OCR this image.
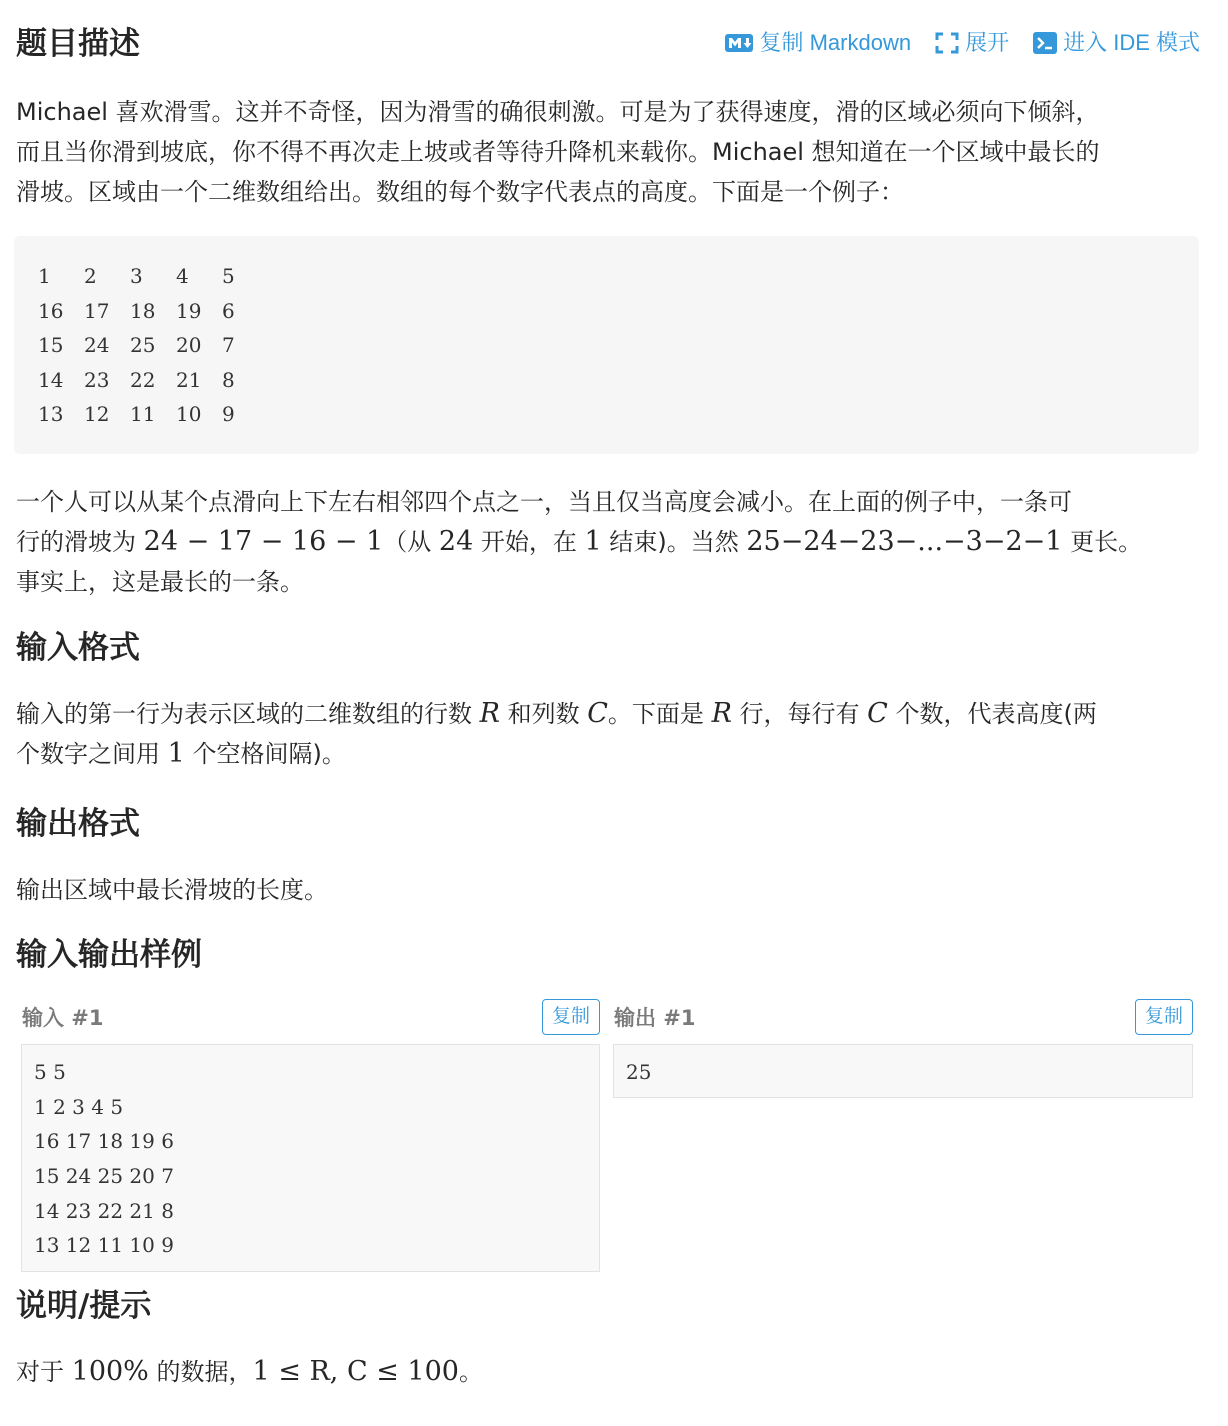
题目描述	复制 Markdown 展开 进入 IDE 模式
Michael 喜欢滑雪。这并不奇怪，因为滑雪的确很刺激。可是为了获得速度，滑的区域必须向下倾斜，
而且当你滑到坡底，你不得不再次走上坡或者等待升降机来载你。Michael 想知道在一个区域中最长的
滑坡。区域由一个二维数组给出。数组的每个数字代表点的高度。下面是一个例子：
1	2	3	4	5
16	17	18	19	6
15	24	25	20	7
14	23	22	21	8
13	12	11	10	9
一个人可以从某个点滑向上下左右相邻四个点之一，当且仅当高度会减小。在上面的例子中，一条可
行的滑坡为 24 − 17 − 16 − 1（从 24 开始，在 1 结束)。当然 25−24−23−...−3−2−1 更长。
事实上，这是最长的一条。
输入格式
输入的第一行为表示区域的二维数组的行数 R 和列数 C。下面是 R 行，每行有 C 个数，代表高度(两
个数字之间用 1 个空格间隔)。
输出格式
输出区域中最长滑坡的长度。
输入输出样例
输入 #1	复制	输出 #1	复制
5 5
1 2 3 4 5
16 17 18 19 6
15 24 25 20 7
14 23 22 21 8
13 12 11 10 9
25
说明/提示
对于 100% 的数据，1 ≤ R, C ≤ 100。
